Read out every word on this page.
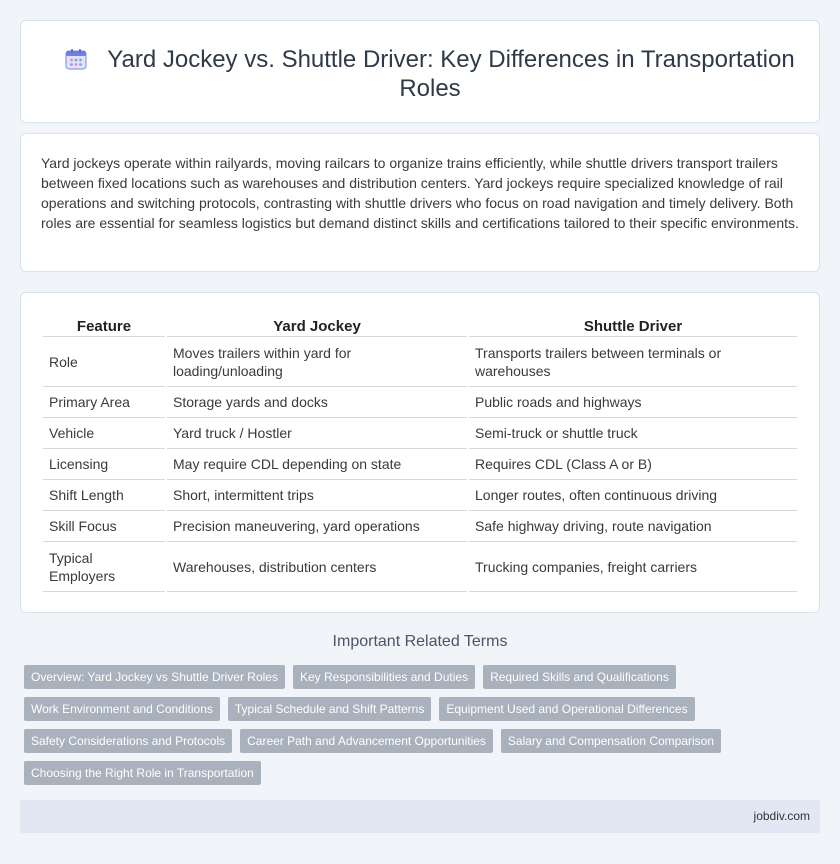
Yard Jockey vs. Shuttle Driver: Key Differences in Transportation Roles

Yard jockeys operate within railyards, moving railcars to organize trains efficiently, while shuttle drivers transport trailers between fixed locations such as warehouses and distribution centers. Yard jockeys require specialized knowledge of rail operations and switching protocols, contrasting with shuttle drivers who focus on road navigation and timely delivery. Both roles are essential for seamless logistics but demand distinct skills and certifications tailored to their specific environments.

Feature	Yard Jockey	Shuttle Driver
Role	Moves trailers within yard for loading/unloading	Transports trailers between terminals or warehouses
Primary Area	Storage yards and docks	Public roads and highways
Vehicle	Yard truck / Hostler	Semi-truck or shuttle truck
Licensing	May require CDL depending on state	Requires CDL (Class A or B)
Shift Length	Short, intermittent trips	Longer routes, often continuous driving
Skill Focus	Precision maneuvering, yard operations	Safe highway driving, route navigation
Typical Employers	Warehouses, distribution centers	Trucking companies, freight carriers
Important Related Terms
Overview: Yard Jockey vs Shuttle Driver Roles	Key Responsibilities and Duties	Required Skills and Qualifications
Work Environment and Conditions	Typical Schedule and Shift Patterns	Equipment Used and Operational Differences
Safety Considerations and Protocols	Career Path and Advancement Opportunities	Salary and Compensation Comparison
Choosing the Right Role in Transportation
jobdiv.com
